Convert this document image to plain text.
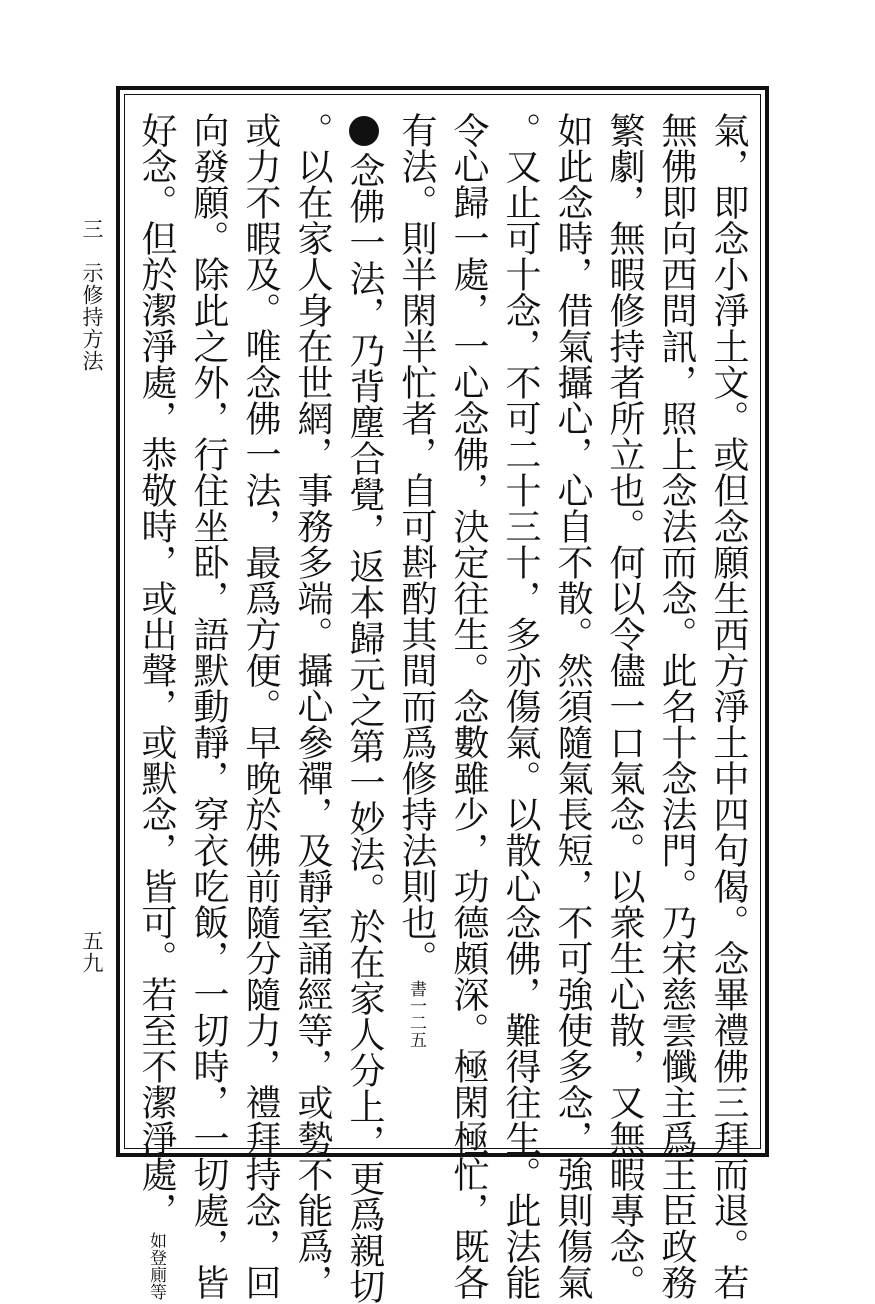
三示修持方法
五九	氣，即念小淨土文。或但念願生西方淨土中四句偈。念畢禮佛三拜而退。若
無佛即向西問訊，照上念法而念。此名十念法門。乃宋慈雲懺主爲王臣政務
繁劇，無暇修持者所立也。何以令儘一口氣念。以衆生心散，又無暇專念。
如此念時，借氣攝心，心自不散。然須隨氣長短，不可強使多念，強則傷氣
。又止可十念，不可二十三十，多亦傷氣。以散心念佛，難得往生。此法能
令心歸一處，一心念佛，決定往生。念數雖少，功德頗深。極閑極忙，既各
有法。則半閑半忙者，自可斟酌其間而爲修持法則也。書一二五
念佛一法，乃背塵合覺，返本歸元之第一妙法。於在家人分上，更爲親切
。以在家人身在世網，事務多端。攝心參禪，及靜室誦經等，或勢不能爲，
或力不暇及。唯念佛一法，最爲方便。早晚於佛前隨分隨力，禮拜持念，回
向發願。除此之外，行住坐卧，語默動靜，穿衣吃飯，一切時，一切處，皆
好念。但於潔淨處，恭敬時，或出聲，或默念，皆可。若至不潔淨處，如登廁等
